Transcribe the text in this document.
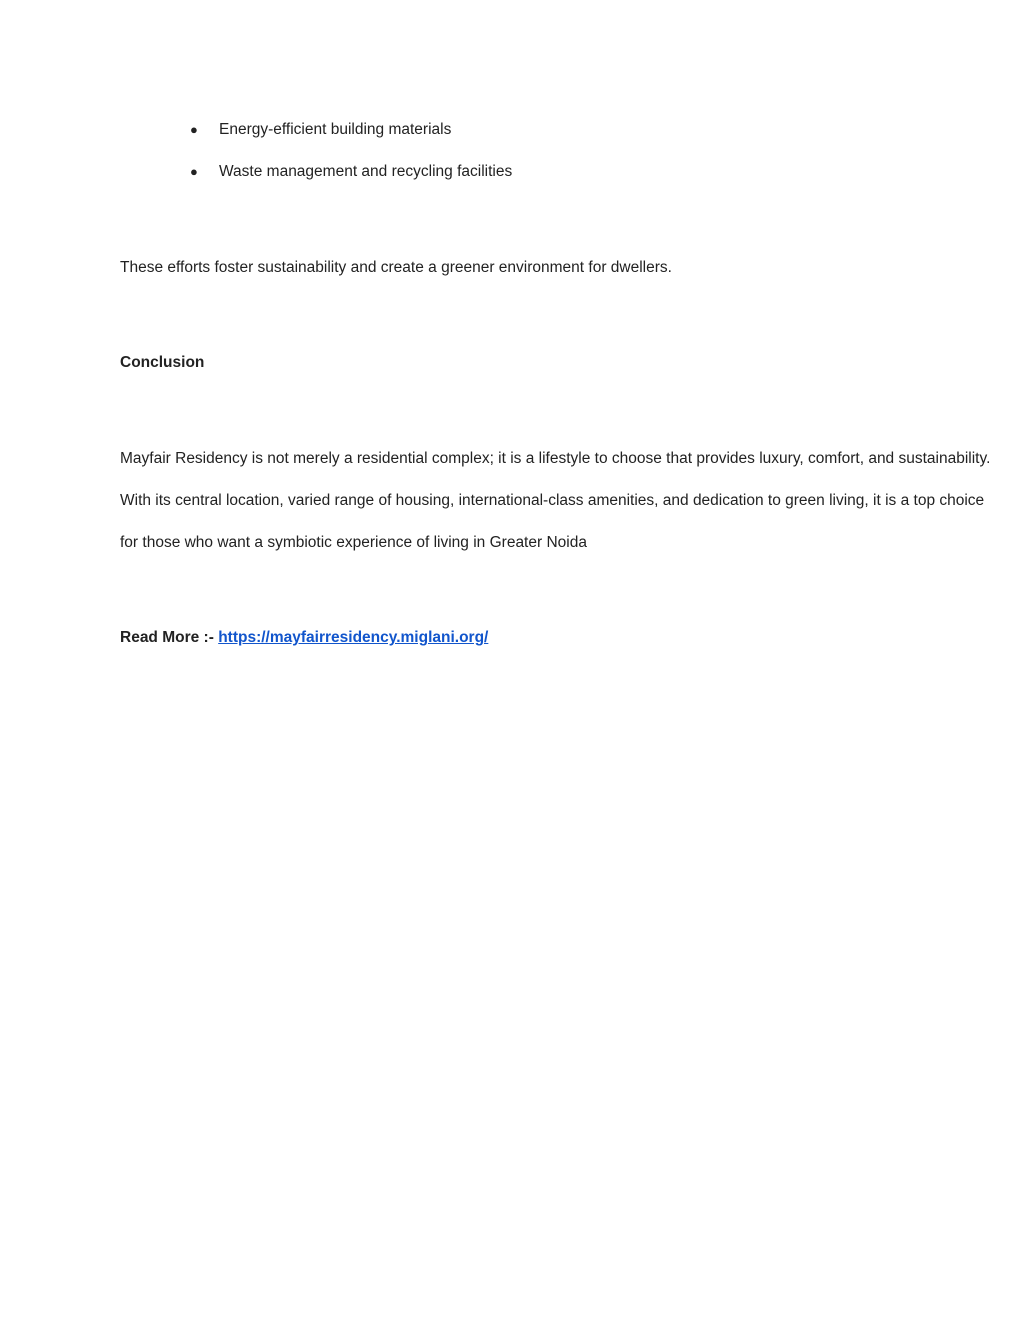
●	Energy-efficient building materials
●	Waste management and recycling facilities

These efforts foster sustainability and create a greener environment for dwellers.

Conclusion

Mayfair Residency is not merely a residential complex; it is a lifestyle to choose that provides luxury, comfort, and sustainability.
With its central location, varied range of housing, international-class amenities, and dedication to green living, it is a top choice
for those who want a symbiotic experience of living in Greater Noida

Read More :- https://mayfairresidency.miglani.org/
